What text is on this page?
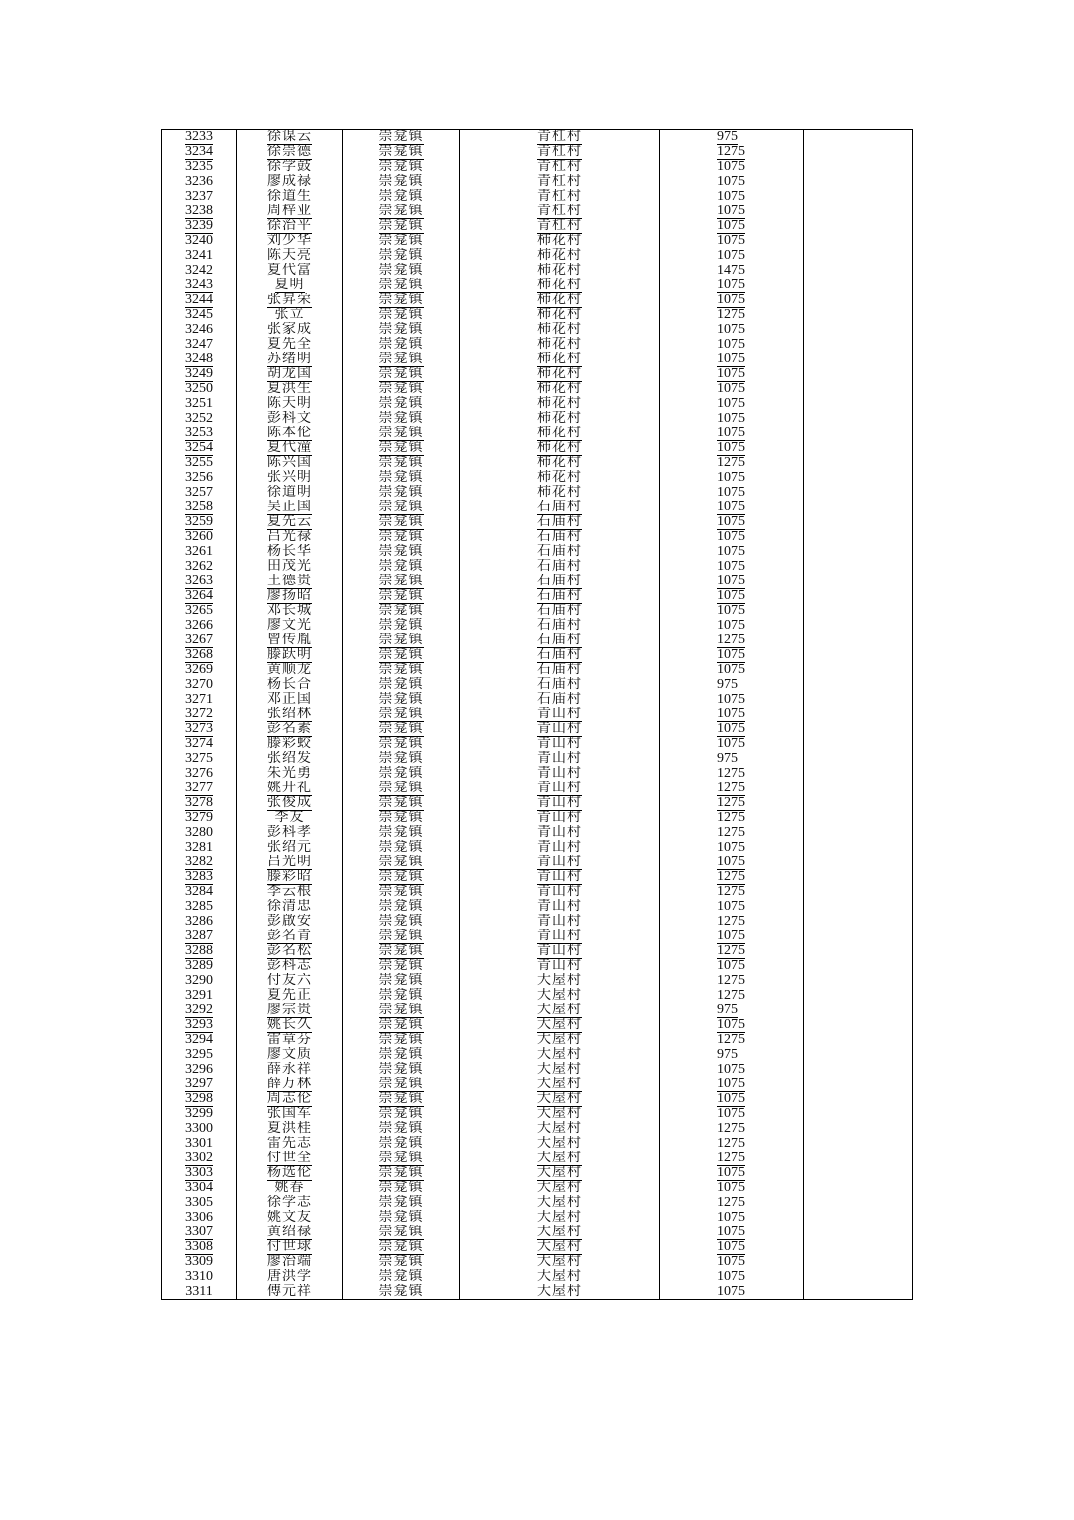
3233	徐谋云	崇龛镇	青杠村	975	
3234	徐崇德	崇龛镇	青杠村	1275	
3235	徐学鼓	崇龛镇	青杠村	1075	
3236	廖成禄	崇龛镇	青杠村	1075	
3237	徐道生	崇龛镇	青杠村	1075	
3238	周梓业	崇龛镇	青杠村	1075	
3239	徐治平	崇龛镇	青杠村	1075	
3240	刘少华	崇龛镇	柿花村	1075	
3241	陈天亮	崇龛镇	柿花村	1075	
3242	夏代富	崇龛镇	柿花村	1475	
3243	夏明	崇龛镇	柿花村	1075	
3244	张昇荣	崇龛镇	柿花村	1075	
3245	张立	崇龛镇	柿花村	1275	
3246	张家成	崇龛镇	柿花村	1075	
3247	夏先全	崇龛镇	柿花村	1075	
3248	苏绪明	崇龛镇	柿花村	1075	
3249	胡龙国	崇龛镇	柿花村	1075	
3250	夏洪生	崇龛镇	柿花村	1075	
3251	陈天明	崇龛镇	柿花村	1075	
3252	彭科文	崇龛镇	柿花村	1075	
3253	陈本伦	崇龛镇	柿花村	1075	
3254	夏代潼	崇龛镇	柿花村	1075	
3255	陈兴国	崇龛镇	柿花村	1275	
3256	张兴明	崇龛镇	柿花村	1075	
3257	徐道明	崇龛镇	柿花村	1075	
3258	吴正国	崇龛镇	石庙村	1075	
3259	夏先云	崇龛镇	石庙村	1075	
3260	吕光禄	崇龛镇	石庙村	1075	
3261	杨长华	崇龛镇	石庙村	1075	
3262	田茂光	崇龛镇	石庙村	1075	
3263	王德贵	崇龛镇	石庙村	1075	
3264	廖扬昭	崇龛镇	石庙村	1075	
3265	邓长城	崇龛镇	石庙村	1075	
3266	廖文光	崇龛镇	石庙村	1075	
3267	曾传胤	崇龛镇	石庙村	1275	
3268	滕跃明	崇龛镇	石庙村	1075	
3269	黄顺龙	崇龛镇	石庙村	1075	
3270	杨长合	崇龛镇	石庙村	975	
3271	邓正国	崇龛镇	石庙村	1075	
3272	张绍林	崇龛镇	青山村	1075	
3273	彭名素	崇龛镇	青山村	1075	
3274	滕彩蛟	崇龛镇	青山村	1075	
3275	张绍发	崇龛镇	青山村	975	
3276	朱光勇	崇龛镇	青山村	1275	
3277	姚开礼	崇龛镇	青山村	1275	
3278	张俊成	崇龛镇	青山村	1275	
3279	李友	崇龛镇	青山村	1275	
3280	彭科孝	崇龛镇	青山村	1275	
3281	张绍元	崇龛镇	青山村	1075	
3282	吕光明	崇龛镇	青山村	1075	
3283	滕彩昭	崇龛镇	青山村	1275	
3284	李云根	崇龛镇	青山村	1275	
3285	徐清忠	崇龛镇	青山村	1075	
3286	彭啟安	崇龛镇	青山村	1275	
3287	彭名青	崇龛镇	青山村	1075	
3288	彭名松	崇龛镇	青山村	1275	
3289	彭科志	崇龛镇	青山村	1075	
3290	付友六	崇龛镇	大屋村	1275	
3291	夏先正	崇龛镇	大屋村	1275	
3292	廖宗贵	崇龛镇	大屋村	975	
3293	姚长久	崇龛镇	大屋村	1075	
3294	雷章芬	崇龛镇	大屋村	1275	
3295	廖文质	崇龛镇	大屋村	975	
3296	薛永祥	崇龛镇	大屋村	1075	
3297	薛万林	崇龛镇	大屋村	1075	
3298	周志伦	崇龛镇	大屋村	1075	
3299	张国军	崇龛镇	大屋村	1075	
3300	夏洪桂	崇龛镇	大屋村	1275	
3301	雷先志	崇龛镇	大屋村	1275	
3302	付世全	崇龛镇	大屋村	1275	
3303	杨选伦	崇龛镇	大屋村	1075	
3304	姚春	崇龛镇	大屋村	1075	
3305	徐学志	崇龛镇	大屋村	1275	
3306	姚文友	崇龛镇	大屋村	1075	
3307	黄绍禄	崇龛镇	大屋村	1075	
3308	付世球	崇龛镇	大屋村	1075	
3309	廖治端	崇龛镇	大屋村	1075	
3310	唐洪学	崇龛镇	大屋村	1075	
3311	傅元祥	崇龛镇	大屋村	1075	
